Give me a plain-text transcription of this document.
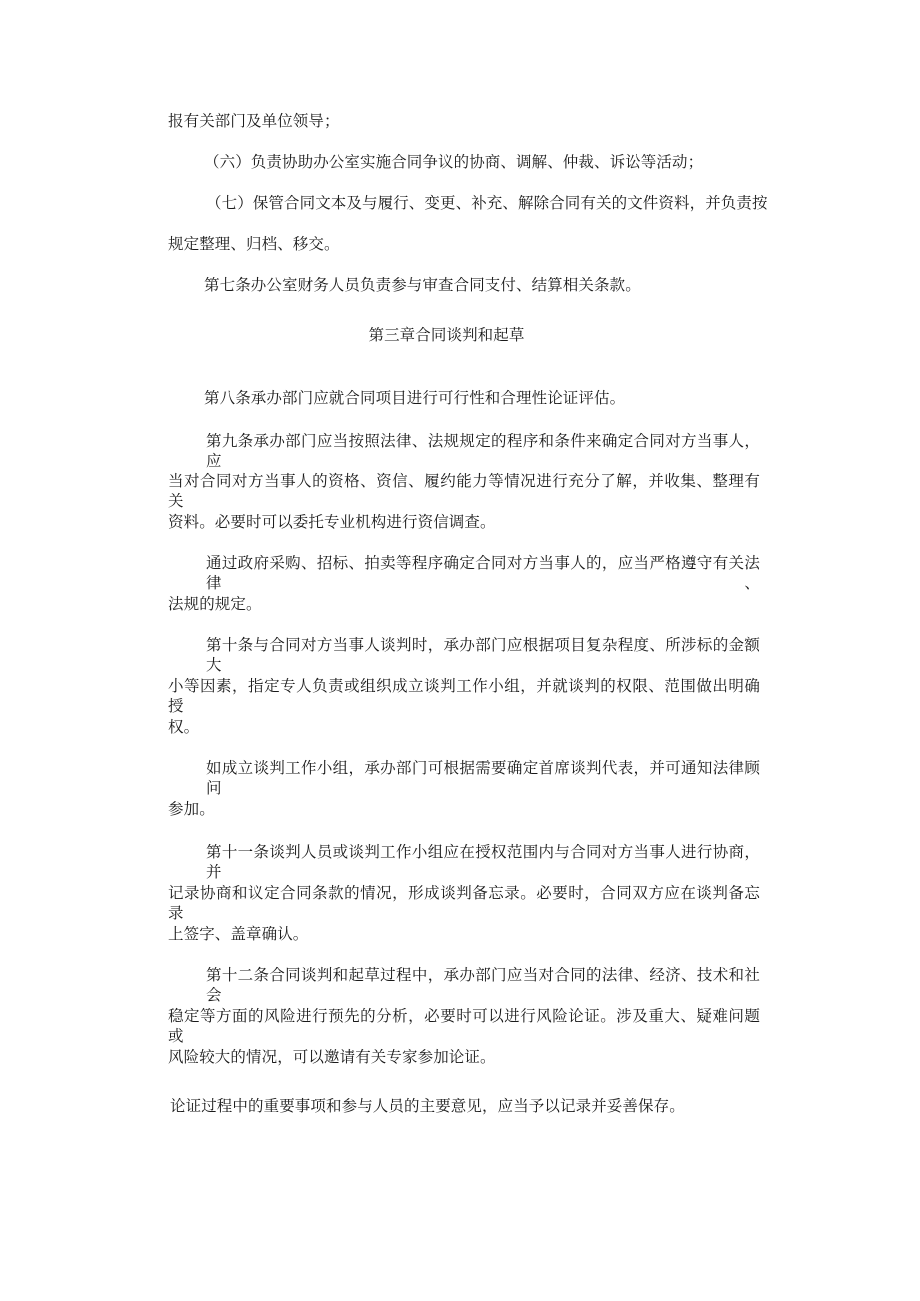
报有关部门及单位领导；
（六）负责协助办公室实施合同争议的协商、调解、仲裁、诉讼等活动；
（七）保管合同文本及与履行、变更、补充、解除合同有关的文件资料，并负责按
规定整理、归档、移交。
第七条办公室财务人员负责参与审查合同支付、结算相关条款。
第三章合同谈判和起草
第八条承办部门应就合同项目进行可行性和合理性论证评估。
第九条承办部门应当按照法律、法规规定的程序和条件来确定合同对方当事人，应
当对合同对方当事人的资格、资信、履约能力等情况进行充分了解，并收集、整理有关
资料。必要时可以委托专业机构进行资信调查。
通过政府采购、招标、拍卖等程序确定合同对方当事人的，应当严格遵守有关法律、
法规的规定。
第十条与合同对方当事人谈判时，承办部门应根据项目复杂程度、所涉标的金额大
小等因素，指定专人负责或组织成立谈判工作小组，并就谈判的权限、范围做出明确授
权。
如成立谈判工作小组，承办部门可根据需要确定首席谈判代表，并可通知法律顾问
参加。
第十一条谈判人员或谈判工作小组应在授权范围内与合同对方当事人进行协商，并
记录协商和议定合同条款的情况，形成谈判备忘录。必要时，合同双方应在谈判备忘录
上签字、盖章确认。
第十二条合同谈判和起草过程中，承办部门应当对合同的法律、经济、技术和社会
稳定等方面的风险进行预先的分析，必要时可以进行风险论证。涉及重大、疑难问题或
风险较大的情况，可以邀请有关专家参加论证。
论证过程中的重要事项和参与人员的主要意见，应当予以记录并妥善保存。
